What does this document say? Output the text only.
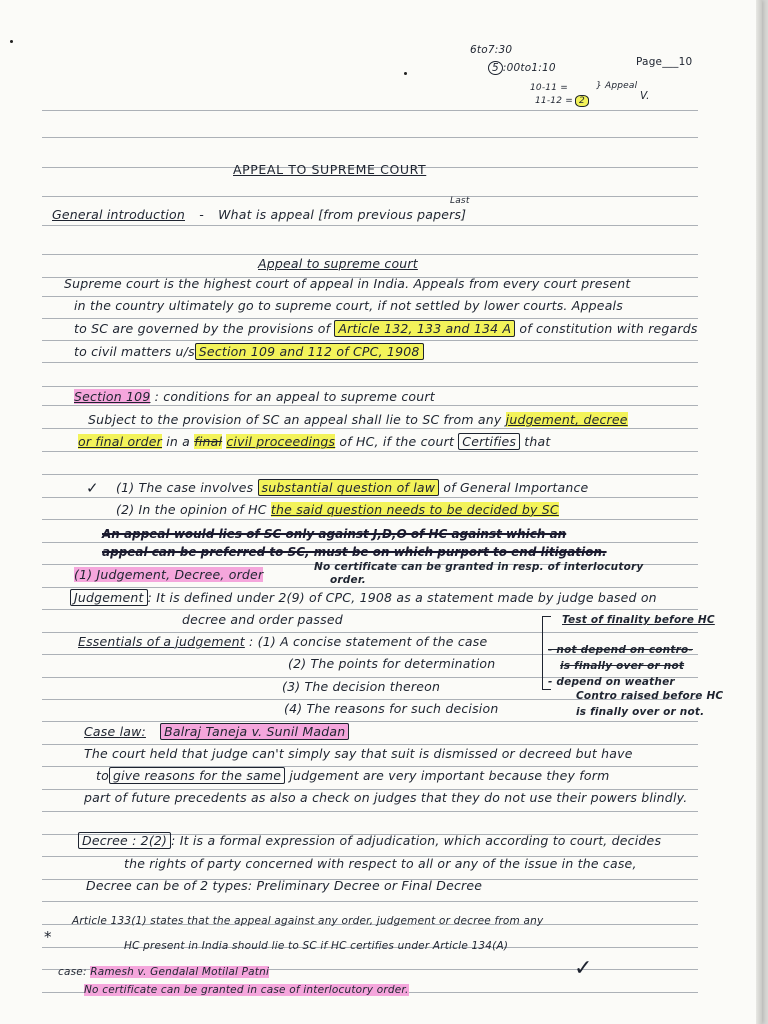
6to7:30
5 :00to1:10	Page___10
10-11 =
11-12 = 2
} Appeal
V.
APPEAL TO SUPREME COURT
General introduction - What is appeal [from previous papers]
Last
Appeal to supreme court
Supreme court is the highest court of appeal in India. Appeals from every court present
in the country ultimately go to supreme court, if not settled by lower courts. Appeals
to SC are governed by the provisions of Article 132, 133 and 134 A of constitution with regards
to civil matters u/s Section 109 and 112 of CPC, 1908
Section 109 : conditions for an appeal to supreme court
Subject to the provision of SC an appeal shall lie to SC from any judgement, decree
or final order in a final civil proceedings of HC, if the court Certifies that
✓ (1) The case involves substantial question of law of General Importance
(2) In the opinion of HC the said question needs to be decided by SC
An appeal would lies of SC only against J,D,O of HC against which an
appeal can be preferred to SC, must be on which purport to end litigation.
(1) Judgement, Decree, order	No certificate can be granted in resp. of interlocutory
order.
Judgement : It is defined under 2(9) of CPC, 1908 as a statement made by judge based on
decree and order passed
Essentials of a judgement : (1) A concise statement of the case
(2) The points for determination
(3) The decision thereon
(4) The reasons for such decision
Test of finality before HC
- not depend on contro-
is finally over or not
- depend on weather
Contro raised before HC
is finally over or not.
Case law: Balraj Taneja v. Sunil Madan
The court held that judge can't simply say that suit is dismissed or decreed but have
to give reasons for the same judgement are very important because they form
part of future precedents as also a check on judges that they do not use their powers blindly.
Decree : 2(2) : It is a formal expression of adjudication, which according to court, decides
the rights of party concerned with respect to all or any of the issue in the case,
Decree can be of 2 types: Preliminary Decree or Final Decree
*
Article 133(1) states that the appeal against any order, judgement or decree from any
HC present in India should lie to SC if HC certifies under Article 134(A)
case: Ramesh v. Gendalal Motilal Patni
No certificate can be granted in case of interlocutory order.
✓
